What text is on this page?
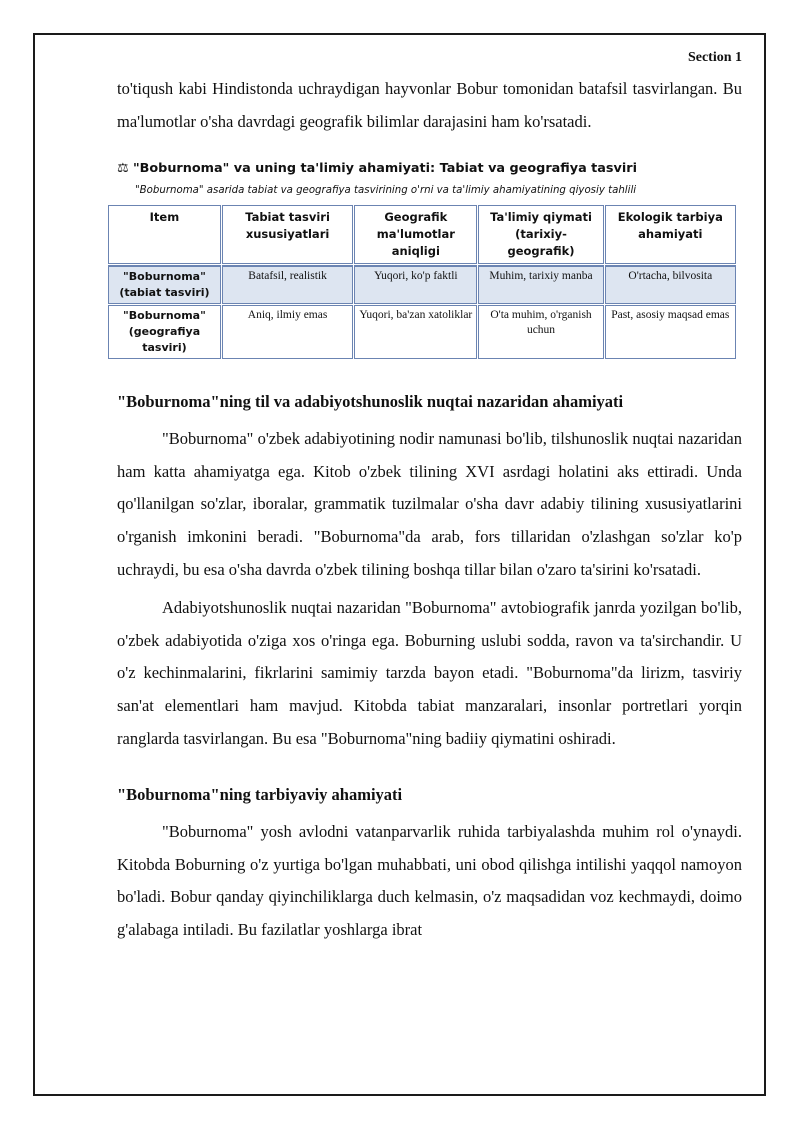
Section 1

to'tiqush kabi Hindistonda uchraydigan hayvonlar Bobur tomonidan batafsil tasvirlangan. Bu ma'lumotlar o'sha davrdagi geografik bilimlar darajasini ham ko'rsatadi.

⚖ "Boburnoma" va uning ta'limiy ahamiyati: Tabiat va geografiya tasviri
"Boburnoma" asarida tabiat va geografiya tasvirining o'rni va ta'limiy ahamiyatining qiyosiy tahlili
Item	Tabiat tasviri xususiyatlari	Geografik ma'lumotlar aniqligi	Ta'limiy qiymati (tarixiy-geografik)	Ekologik tarbiya ahamiyati
"Boburnoma" (tabiat tasviri)	Batafsil, realistik	Yuqori, ko'p faktli	Muhim, tarixiy manba	O'rtacha, bilvosita
"Boburnoma" (geografiya tasviri)	Aniq, ilmiy emas	Yuqori, ba'zan xatoliklar	O'ta muhim, o'rganish uchun	Past, asosiy maqsad emas
"Boburnoma"ning til va adabiyotshunoslik nuqtai nazaridan ahamiyati

"Boburnoma" o'zbek adabiyotining nodir namunasi bo'lib, tilshunoslik nuqtai nazaridan ham katta ahamiyatga ega. Kitob o'zbek tilining XVI asrdagi holatini aks ettiradi. Unda qo'llanilgan so'zlar, iboralar, grammatik tuzilmalar o'sha davr adabiy tilining xususiyatlarini o'rganish imkonini beradi. "Boburnoma"da arab, fors tillaridan o'zlashgan so'zlar ko'p uchraydi, bu esa o'sha davrda o'zbek tilining boshqa tillar bilan o'zaro ta'sirini ko'rsatadi.

Adabiyotshunoslik nuqtai nazaridan "Boburnoma" avtobiografik janrda yozilgan bo'lib, o'zbek adabiyotida o'ziga xos o'ringa ega. Boburning uslubi sodda, ravon va ta'sirchandir. U o'z kechinmalarini, fikrlarini samimiy tarzda bayon etadi. "Boburnoma"da lirizm, tasviriy san'at elementlari ham mavjud. Kitobda tabiat manzaralari, insonlar portretlari yorqin ranglarda tasvirlangan. Bu esa "Boburnoma"ning badiiy qiymatini oshiradi.

"Boburnoma"ning tarbiyaviy ahamiyati

"Boburnoma" yosh avlodni vatanparvarlik ruhida tarbiyalashda muhim rol o'ynaydi. Kitobda Boburning o'z yurtiga bo'lgan muhabbati, uni obod qilishga intilishi yaqqol namoyon bo'ladi. Bobur qanday qiyinchiliklarga duch kelmasin, o'z maqsadidan voz kechmaydi, doimo g'alabaga intiladi. Bu fazilatlar yoshlarga ibrat
